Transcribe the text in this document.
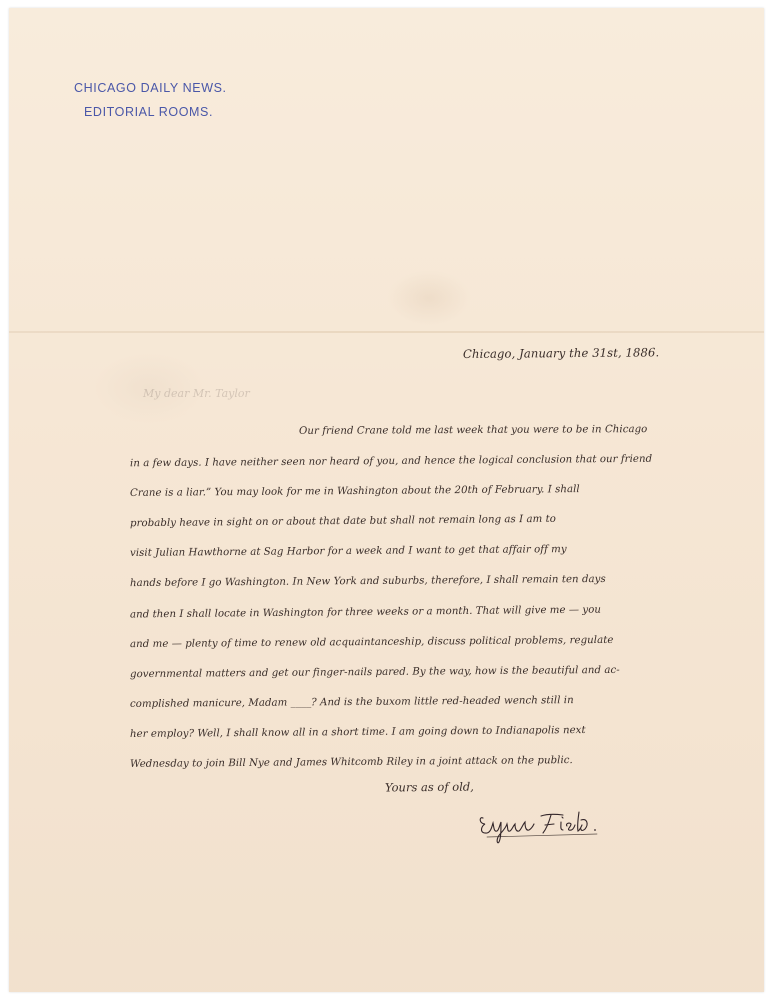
CHICAGO DAILY NEWS.
EDITORIAL ROOMS.
Chicago, January the 31st, 1886.
My dear Mr. Taylor
Our friend Crane told me last week that you were to be in Chicago
in a few days. I have neither seen nor heard of you, and hence the logical conclusion that our friend
Crane is a liar.” You may look for me in Washington about the 20th of February. I shall
probably heave in sight on or about that date but shall not remain long as I am to
visit Julian Hawthorne at Sag Harbor for a week and I want to get that affair off my
hands before I go Washington. In New York and suburbs, therefore, I shall remain ten days
and then I shall locate in Washington for three weeks or a month. That will give me — you
and me — plenty of time to renew old acquaintanceship, discuss political problems, regulate
governmental matters and get our finger-nails pared. By the way, how is the beautiful and ac-
complished manicure, Madam ____? And is the buxom little red-headed wench still in
her employ? Well, I shall know all in a short time. I am going down to Indianapolis next
Wednesday to join Bill Nye and James Whitcomb Riley in a joint attack on the public.
Yours as of old,
